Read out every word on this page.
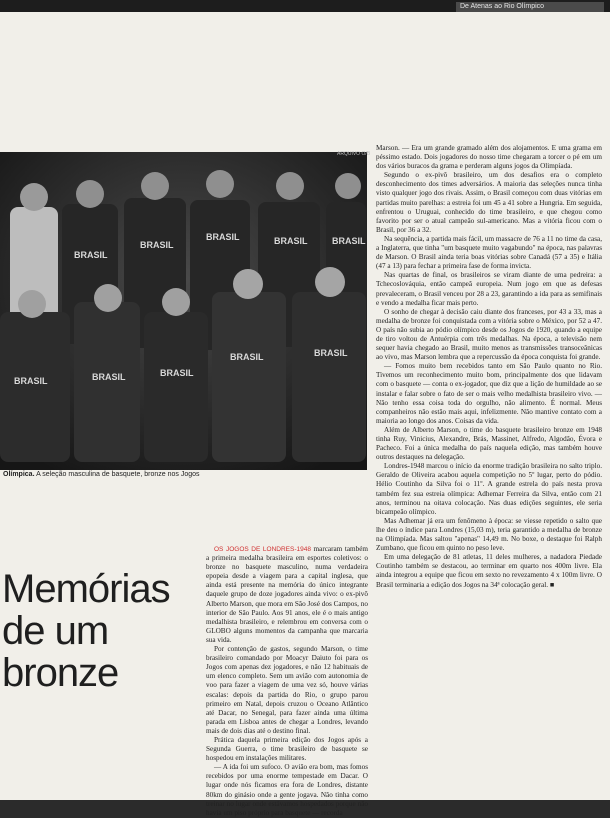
De Atenas ao Rio Olímpico
BRASIL
BRASIL
BRASIL	BRASIL	BRASIL
BRASIL	BRASIL	BRASIL
BRASIL	BRASIL
ARQUIVO O/B
Olímpica. A seleção masculina de basquete, bronze nos Jogos
Memórias
de um
bronze

OS JOGOS DE LONDRES-1948 marcaram também a primeira medalha brasileira em esportes coletivos: o bronze no basquete masculino, numa verdadeira epopeia desde a viagem para a capital inglesa, que ainda está presente na memória do único integrante daquele grupo de doze jogadores ainda vivo: o ex-pivô Alberto Marson, que mora em São José dos Campos, no interior de São Paulo. Aos 91 anos, ele é o mais antigo medalhista brasileiro, e relembrou em conversa com o GLOBO alguns momentos da campanha que marcaria sua vida.

Por contenção de gastos, segundo Marson, o time brasileiro comandado por Moacyr Daiuto foi para os Jogos com apenas dez jogadores, e não 12 habituais de um elenco completo. Sem um avião com autonomia de voo para fazer a viagem de uma vez só, houve várias escalas: depois da partida do Rio, o grupo parou primeiro em Natal, depois cruzou o Oceano Atlântico até Dacar, no Senegal, para fazer ainda uma última parada em Lisboa antes de chegar a Londres, levando mais de dois dias até o destino final.

Prática daquela primeira edição dos Jogos após a Segunda Guerra, o time brasileiro de basquete se hospedou em instalações militares.

— A ida foi um sufoco. O avião era bom, mas fomos recebidos por uma enorme tempestade em Dacar. O lugar onde nós ficamos era fora de Londres, distante 80km do ginásio onde a gente jogava. Não tinha como treinar no lugar onde estávamos hospedados porque não havia um piso próprio para basquete — recorda

Marson. — Era um grande gramado além dos alojamentos. E uma grama em péssimo estado. Dois jogadores do nosso time chegaram a torcer o pé em um dos vários buracos da grama e perderam alguns jogos da Olimpíada.

Segundo o ex-pivô brasileiro, um dos desafios era o completo desconhecimento dos times adversários. A maioria das seleções nunca tinha visto qualquer jogo dos rivais. Assim, o Brasil começou com duas vitórias em partidas muito parelhas: a estreia foi um 45 a 41 sobre a Hungria. Em seguida, enfrentou o Uruguai, conhecido do time brasileiro, e que chegou como favorito por ser o atual campeão sul-americano. Mas a vitória ficou com o Brasil, por 36 a 32.

Na sequência, a partida mais fácil, um massacre de 76 a 11 no time da casa, a Inglaterra, que tinha "um basquete muito vagabundo" na época, nas palavras de Marson. O Brasil ainda teria boas vitórias sobre Canadá (57 a 35) e Itália (47 a 13) para fechar a primeira fase de forma invicta.

Nas quartas de final, os brasileiros se viram diante de uma pedreira: a Tchecoslováquia, então campeã europeia. Num jogo em que as defesas prevaleceram, o Brasil venceu por 28 a 23, garantindo a ida para as semifinais e vendo a medalha ficar mais perto.

O sonho de chegar à decisão caiu diante dos franceses, por 43 a 33, mas a medalha de bronze foi conquistada com a vitória sobre o México, por 52 a 47. O país não subia ao pódio olímpico desde os Jogos de 1920, quando a equipe de tiro voltou de Antuérpia com três medalhas. Na época, a televisão nem sequer havia chegado ao Brasil, muito menos as transmissões transoceânicas ao vivo, mas Marson lembra que a repercussão da época conquista foi grande.

— Fomos muito bem recebidos tanto em São Paulo quanto no Rio. Tivemos um reconhecimento muito bom, principalmente dos que lidavam com o basquete — conta o ex-jogador, que diz que a lição de humildade ao se instalar e falar sobre o fato de ser o mais velho medalhista brasileiro vivo. — Não tenho essa coisa toda do orgulho, não alimento. É normal. Meus companheiros não estão mais aqui, infelizmente. Não mantive contato com a maioria ao longo dos anos. Coisas da vida.

Além de Alberto Marson, o time do basquete brasileiro bronze em 1948 tinha Ruy, Vinicius, Alexandre, Brás, Massinet, Alfredo, Algodão, Évora e Pacheco. Foi a única medalha do país naquela edição, mas também houve outros destaques na delegação.

Londres-1948 marcou o início da enorme tradição brasileira no salto triplo. Geraldo de Oliveira acabou aquela competição no 5º lugar, perto do pódio. Hélio Coutinho da Silva foi o 11º. A grande estrela do país nesta prova também fez sua estreia olímpica: Adhemar Ferreira da Silva, então com 21 anos, terminou na oitava colocação. Nas duas edições seguintes, ele seria bicampeão olímpico.

Mas Adhemar já era um fenômeno à época: se viesse repetido o salto que lhe deu o índice para Londres (15,03 m), teria garantido a medalha de bronze na Olimpíada. Mas saltou "apenas" 14,49 m. No boxe, o destaque foi Ralph Zumbano, que ficou em quinto no peso leve.

Em uma delegação de 81 atletas, 11 deles mulheres, a nadadora Piedade Coutinho também se destacou, ao terminar em quarto nos 400m livre. Ela ainda integrou a equipe que ficou em sexto no revezamento 4 x 100m livre. O Brasil terminaria a edição dos Jogos na 34ª colocação geral. ■
